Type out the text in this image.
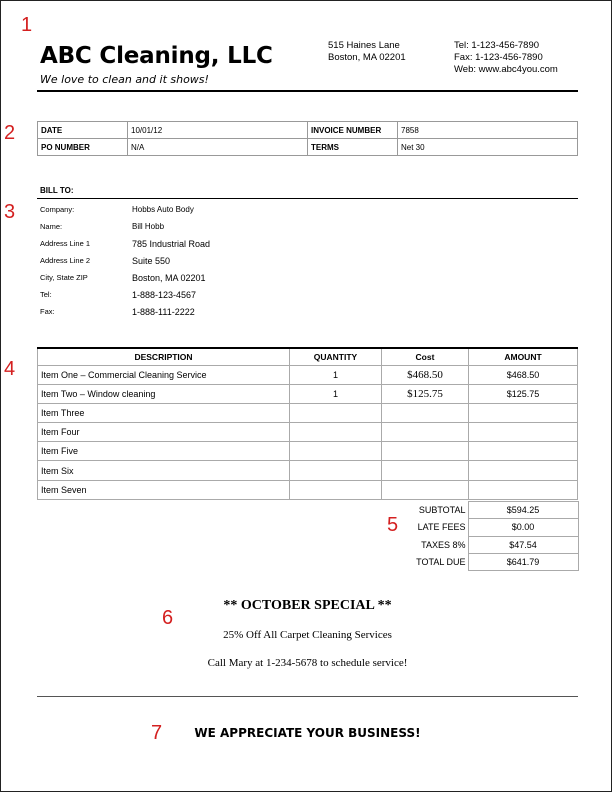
1
2
3
4
5
6
7
ABC Cleaning, LLC
We love to clean and it shows!
515 Haines Lane
Boston, MA 02201
Tel: 1-123-456-7890
Fax: 1-123-456-7890
Web: www.abc4you.com
DATE	10/01/12	INVOICE NUMBER	7858
PO NUMBER	N/A	TERMS	Net 30
BILL TO:
Company:	Hobbs Auto Body
Name:	Bill Hobb
Address Line 1	785 Industrial Road
Address Line 2	Suite 550
City, State ZIP	Boston, MA 02201
Tel:	1-888-123-4567
Fax:	1-888-111-2222
DESCRIPTION	QUANTITY	Cost	AMOUNT
Item One – Commercial Cleaning Service	1	$468.50	$468.50
Item Two – Window cleaning	1	$125.75	$125.75
Item Three			
Item Four			
Item Five			
Item Six			
Item Seven			
SUBTOTAL	$594.25
LATE FEES	$0.00
TAXES 8%	$47.54
TOTAL DUE	$641.79
** OCTOBER SPECIAL **
25% Off All Carpet Cleaning Services
Call Mary at 1-234-5678 to schedule service!
WE APPRECIATE YOUR BUSINESS!
